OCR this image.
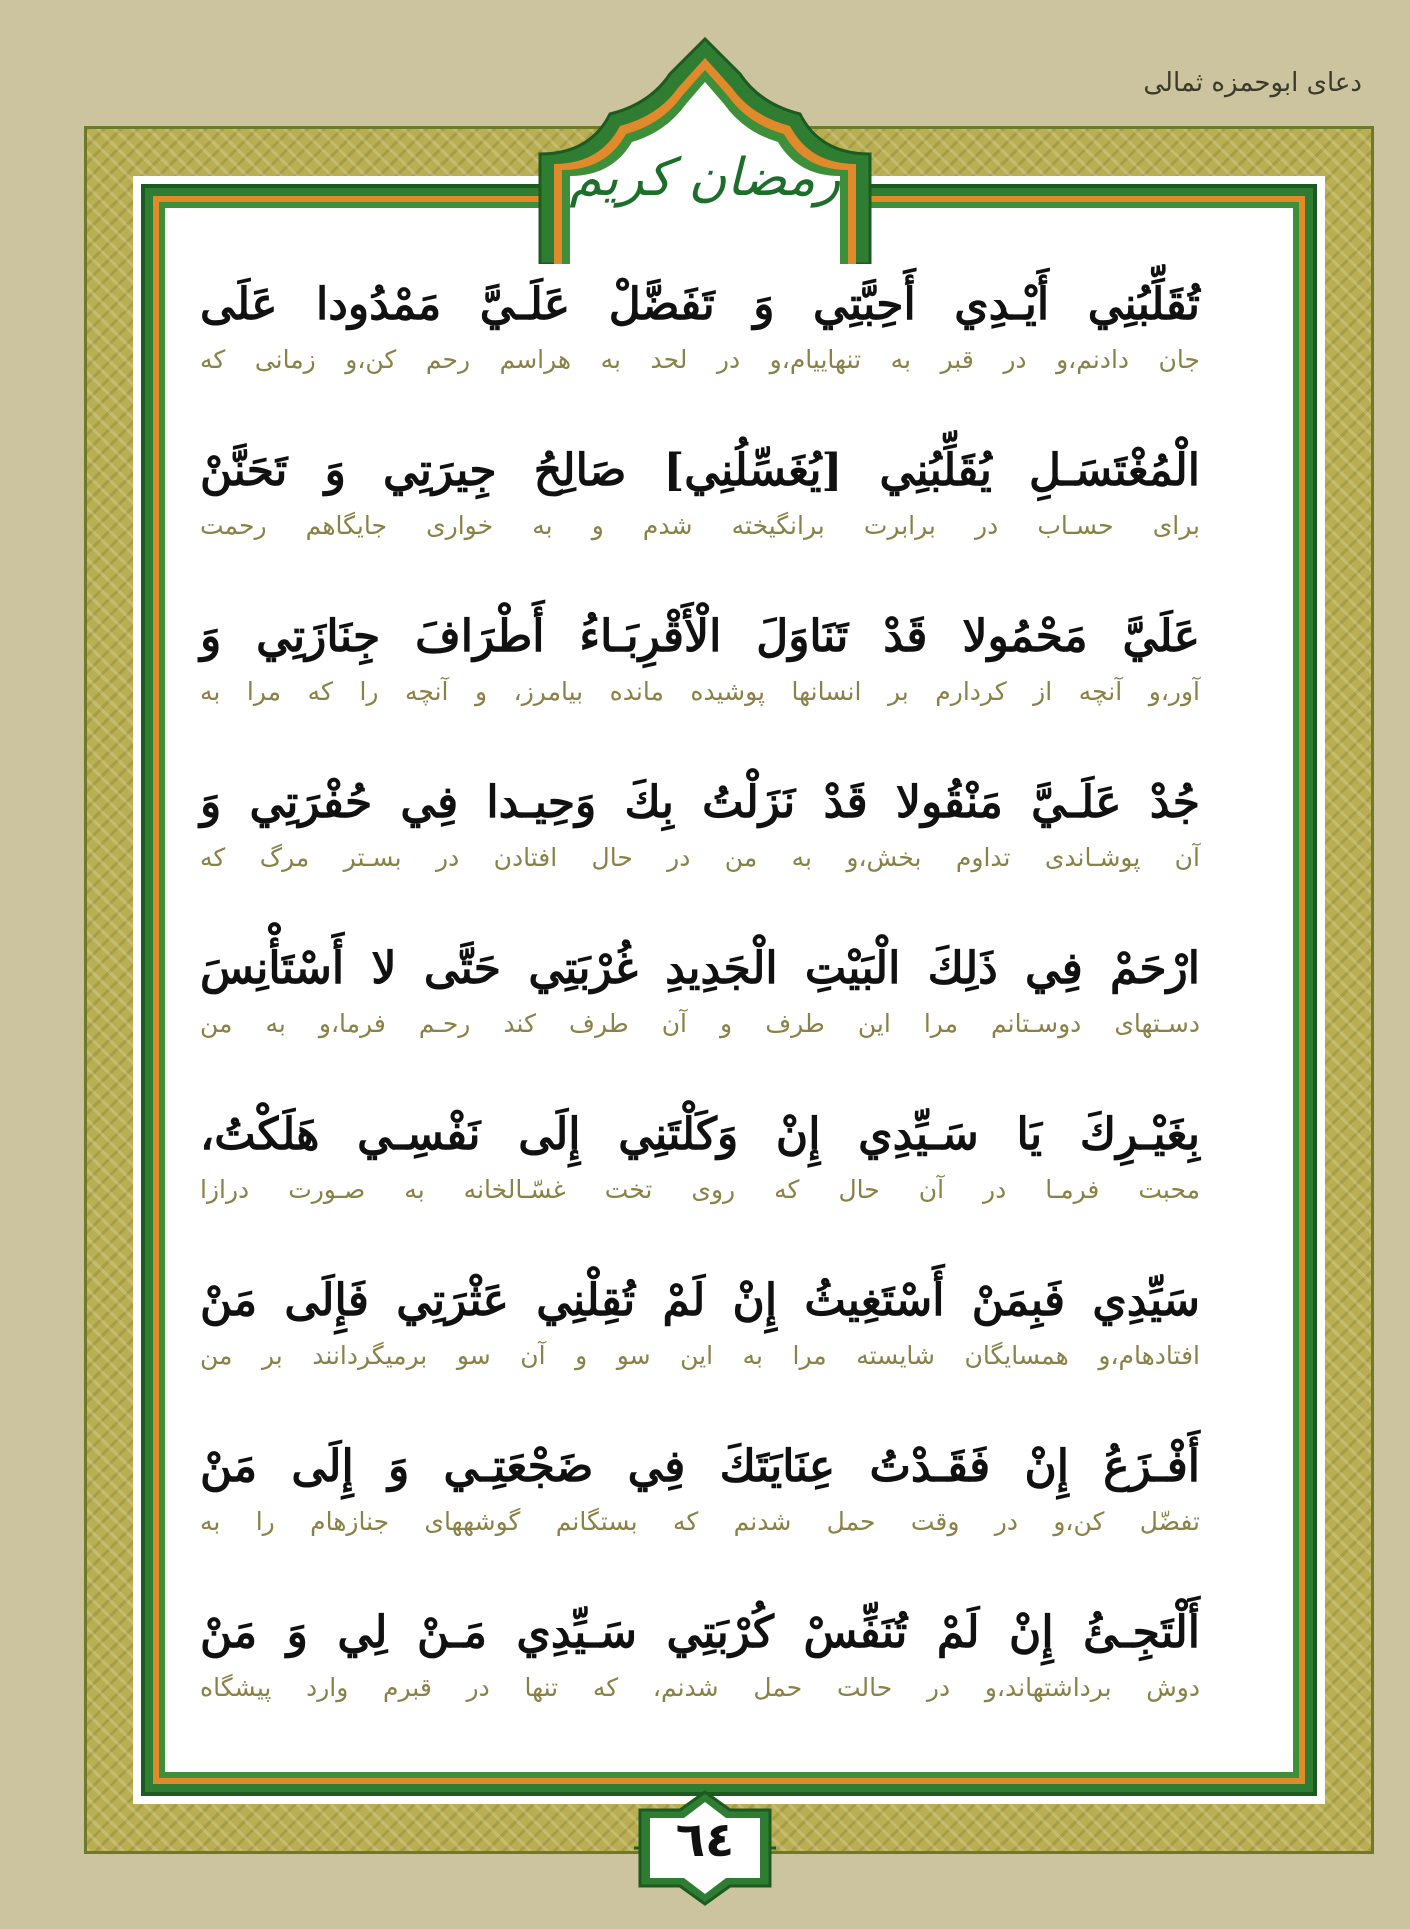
دعای ابوحمزه ثمالی
رمضان کریم
تُقَلِّبُنِي أَيْـدِي أَحِبَّتِي وَ تَفَضَّلْ عَلَـيَّ مَمْدُودا عَلَى
جان دادنم،و در قبر به تنهاییام،و در لحد به هراسم رحم کن،و زمانی که
الْمُغْتَسَـلِ يُقَلِّبُنِي [يُغَسِّلُنِي] صَالِحُ جِيرَتِي وَ تَحَنَّنْ
برای حسـاب در برابرت برانگیخته شدم و به خواری جایگاهم رحمت
عَلَيَّ مَحْمُولا قَدْ تَنَاوَلَ الْأَقْرِبَـاءُ أَطْرَافَ جِنَازَتِي وَ
آور،و آنچه از کردارم بر انسانها پوشیده مانده بیامرز، و آنچه را که مرا به
جُدْ عَلَـيَّ مَنْقُولا قَدْ نَزَلْتُ بِكَ وَحِيـدا فِي حُفْرَتِي وَ
آن پوشـاندی تداوم بخش،و به من در حال افتادن در بسـتر مرگ که
ارْحَمْ فِي ذَلِكَ الْبَيْتِ الْجَدِيدِ غُرْبَتِي حَتَّى لا أَسْتَأْنِسَ
دسـتهای دوسـتانم مرا این طرف و آن طرف کند رحـم فرما،و به من
بِغَيْـرِكَ يَا سَـيِّدِي إِنْ وَكَلْتَنِي إِلَى نَفْسِـي هَلَكْتُ،
محبت فرمـا در آن حال که روی تخت غسّـالخانه به صـورت درازا
سَيِّدِي فَبِمَنْ أَسْتَغِيثُ إِنْ لَمْ تُقِلْنِي عَثْرَتِي فَإِلَى مَنْ
افتادهام،و همسایگان شایسته مرا به این سو و آن سو برمیگردانند بر من
أَفْـزَعُ إِنْ فَقَـدْتُ عِنَايَتَكَ فِي ضَجْعَتِـي وَ إِلَى مَنْ
تفضّل کن،و در وقت حمل شدنم که بستگانم گوشههای جنازهام را به
أَلْتَجِـئُ إِنْ لَمْ تُنَفِّسْ كُرْبَتِي سَـيِّدِي مَـنْ لِي وَ مَنْ
دوش برداشتهاند،و در حالت حمل شدنم، که تنها در قبرم وارد پیشگاه
٦٤
